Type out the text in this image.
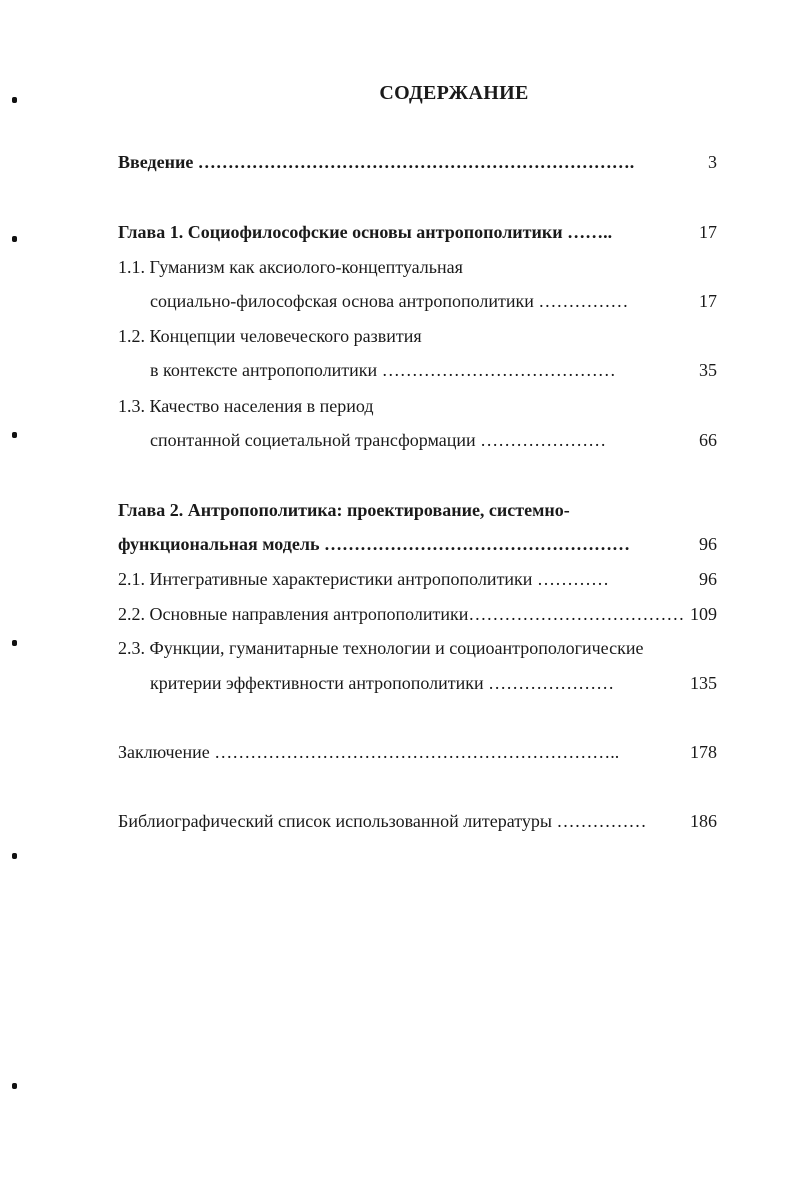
СОДЕРЖАНИЕ
Введение ……………………………………………………………….	3
Глава 1. Социофилософские основы антропополитики ……..	17
1.1. Гуманизм как аксиолого-концептуальная
социально-философская основа антропополитики ……………	17
1.2. Концепции человеческого развития
в контексте антропополитики …………………………………	35
1.3. Качество населения в период
спонтанной социетальной трансформации …………………	66
Глава 2. Антропополитика: проектирование, системно-
функциональная модель ……………………………………………	96
2.1. Интегративные характеристики антропополитики …………	96
2.2. Основные направления антропополитики……………………………… 109
2.3. Функции, гуманитарные технологии и социоантропологические
критерии эффективности антропополитики …………………	135
Заключение …………………………………………………………..	178
Библиографический список использованной литературы ……………	186
